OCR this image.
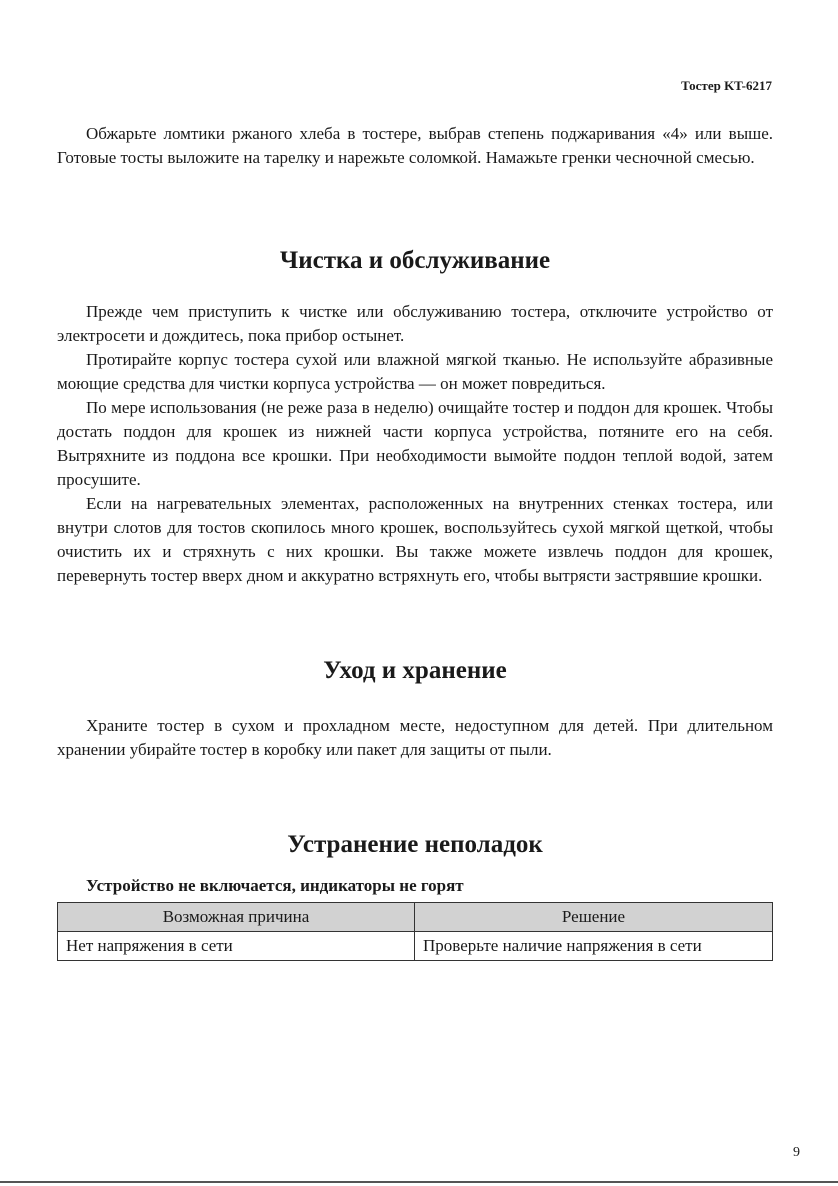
Тостер KT-6217

Обжарьте ломтики ржаного хлеба в тостере, выбрав степень поджаривания «4» или выше. Готовые тосты выложите на тарелку и нарежьте соломкой. Намажьте гренки чесночной смесью.

Чистка и обслуживание

Прежде чем приступить к чистке или обслуживанию тостера, отключите устройство от электросети и дождитесь, пока прибор остынет.

Протирайте корпус тостера сухой или влажной мягкой тканью. Не используйте абразивные моющие средства для чистки корпуса устройства — он может повредиться.

По мере использования (не реже раза в неделю) очищайте тостер и поддон для крошек. Чтобы достать поддон для крошек из нижней части корпуса устройства, потяните его на себя. Вытряхните из поддона все крошки. При необходимости вымойте поддон теплой водой, затем просушите.

Если на нагревательных элементах, расположенных на внутренних стенках тостера, или внутри слотов для тостов скопилось много крошек, воспользуйтесь сухой мягкой щеткой, чтобы очистить их и стряхнуть с них крошки. Вы также можете извлечь поддон для крошек, перевернуть тостер вверх дном и аккуратно встряхнуть его, чтобы вытрясти застрявшие крошки.

Уход и хранение

Храните тостер в сухом и прохладном месте, недоступном для детей. При длительном хранении убирайте тостер в коробку или пакет для защиты от пыли.

Устранение неполадок
Устройство не включается, индикаторы не горят
Возможная причина	Решение
Нет напряжения в сети	Проверьте наличие напряжения в сети
9
